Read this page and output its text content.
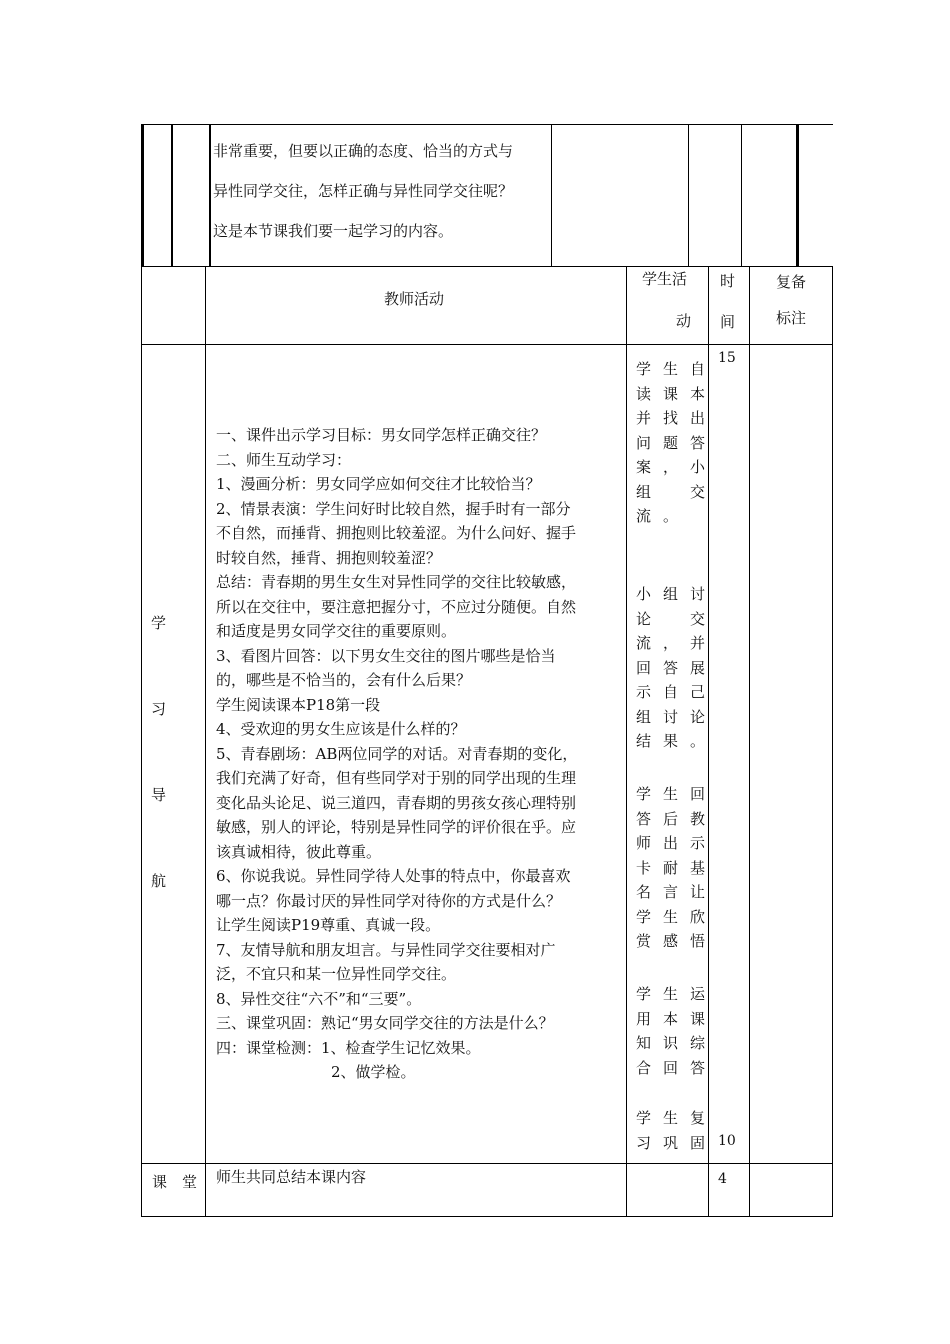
非常重要，但要以正确的态度、恰当的方式与
异性同学交往，怎样正确与异性同学交往呢？
这是本节课我们要一起学习的内容。
教师活动
学生活
动
时
间
复备
标注
学
习
导
航
一、课件出示学习目标：男女同学怎样正确交往？
二、师生互动学习：
1、漫画分析：男女同学应如何交往才比较恰当？
2、情景表演：学生问好时比较自然，握手时有一部分
不自然，而捶背、拥抱则比较羞涩。为什么问好、握手
时较自然，捶背、拥抱则较羞涩？
总结：青春期的男生女生对异性同学的交往比较敏感，
所以在交往中，要注意把握分寸，不应过分随便。自然
和适度是男女同学交往的重要原则。
3、看图片回答：以下男女生交往的图片哪些是恰当
的，哪些是不恰当的，会有什么后果？
学生阅读课本P18第一段
4、受欢迎的男女生应该是什么样的？
5、青春剧场：AB两位同学的对话。对青春期的变化，
我们充满了好奇，但有些同学对于别的同学出现的生理
变化品头论足、说三道四，青春期的男孩女孩心理特别
敏感，别人的评论，特别是异性同学的评价很在乎。应
该真诚相待，彼此尊重。
6、你说我说。异性同学待人处事的特点中，你最喜欢
哪一点？你最讨厌的异性同学对待你的方式是什么？
让学生阅读P19尊重、真诚一段。
7、友情导航和朋友坦言。与异性同学交往要相对广
泛，不宜只和某一位异性同学交往。
8、异性交往“六不”和“三要”。
三、课堂巩固：熟记“男女同学交往的方法是什么？
四：课堂检测：1、检查学生记忆效果。
2、做学检。
学生自
读课本
并找出
问题答
案，小
组　交
流。
小组讨
论　交
流，并
回答展
示自己
组讨论
结果。
学生回
答后教
师出示
卡耐基
名言让
学生欣
赏感悟
学生运
用本课
知识综
合回答
学生复
习巩固
15
10
课　堂 师生共同总结本课内容	4
